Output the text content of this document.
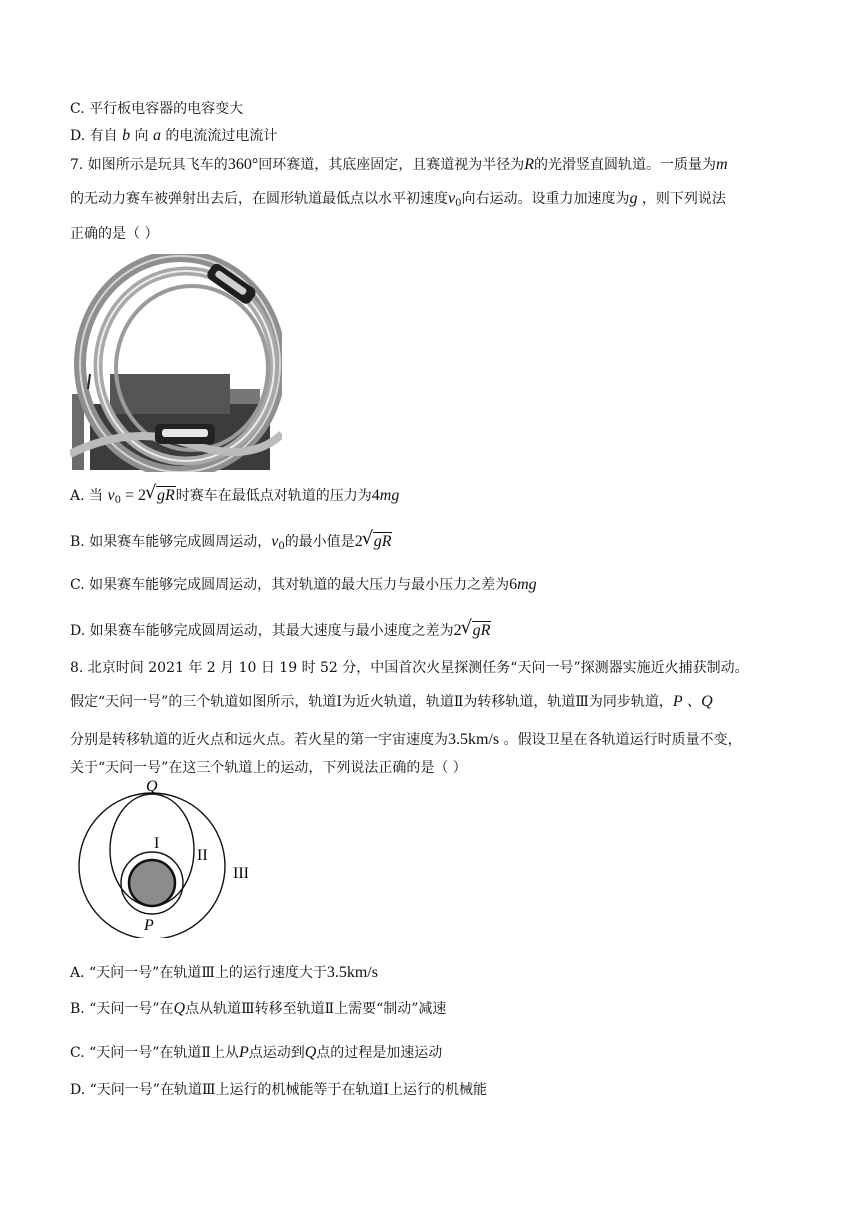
C. 平行板电容器的电容变大
D. 有自 b 向 a 的电流流过电流计
7. 如图所示是玩具飞车的360°回环赛道，其底座固定，且赛道视为半径为R的光滑竖直圆轨道。一质量为m
的无动力赛车被弹射出去后，在圆形轨道最低点以水平初速度$v_0$向右运动。设重力加速度为g ，则下列说法
正确的是（ ）
A. 当 $v_0 = 2√$ gR时赛车在最低点对轨道的压力为4mg
B. 如果赛车能够完成圆周运动，$v_0$的最小值是2√ gR
C. 如果赛车能够完成圆周运动，其对轨道的最大压力与最小压力之差为6mg
D. 如果赛车能够完成圆周运动，其最大速度与最小速度之差为2√ gR
8. 北京时间 2021 年 2 月 10 日 19 时 52 分，中国首次火星探测任务“天问一号”探测器实施近火捕获制动。
假定“天问一号”的三个轨道如图所示，轨道Ⅰ为近火轨道，轨道Ⅱ为转移轨道，轨道Ⅲ为同步轨道，P 、Q
分别是转移轨道的近火点和远火点。若火星的第一宇宙速度为3.5km/s 。假设卫星在各轨道运行时质量不变，
关于“天问一号”在这三个轨道上的运动，下列说法正确的是（ ）
Q
P
I
II
III
A. “天问一号”在轨道Ⅲ上的运行速度大于3.5km/s
B. “天问一号”在Q点从轨道Ⅲ转移至轨道Ⅱ上需要“制动”减速
C. “天问一号”在轨道Ⅱ上从P点运动到Q点的过程是加速运动
D. “天问一号”在轨道Ⅲ上运行的机械能等于在轨道Ⅰ上运行的机械能
